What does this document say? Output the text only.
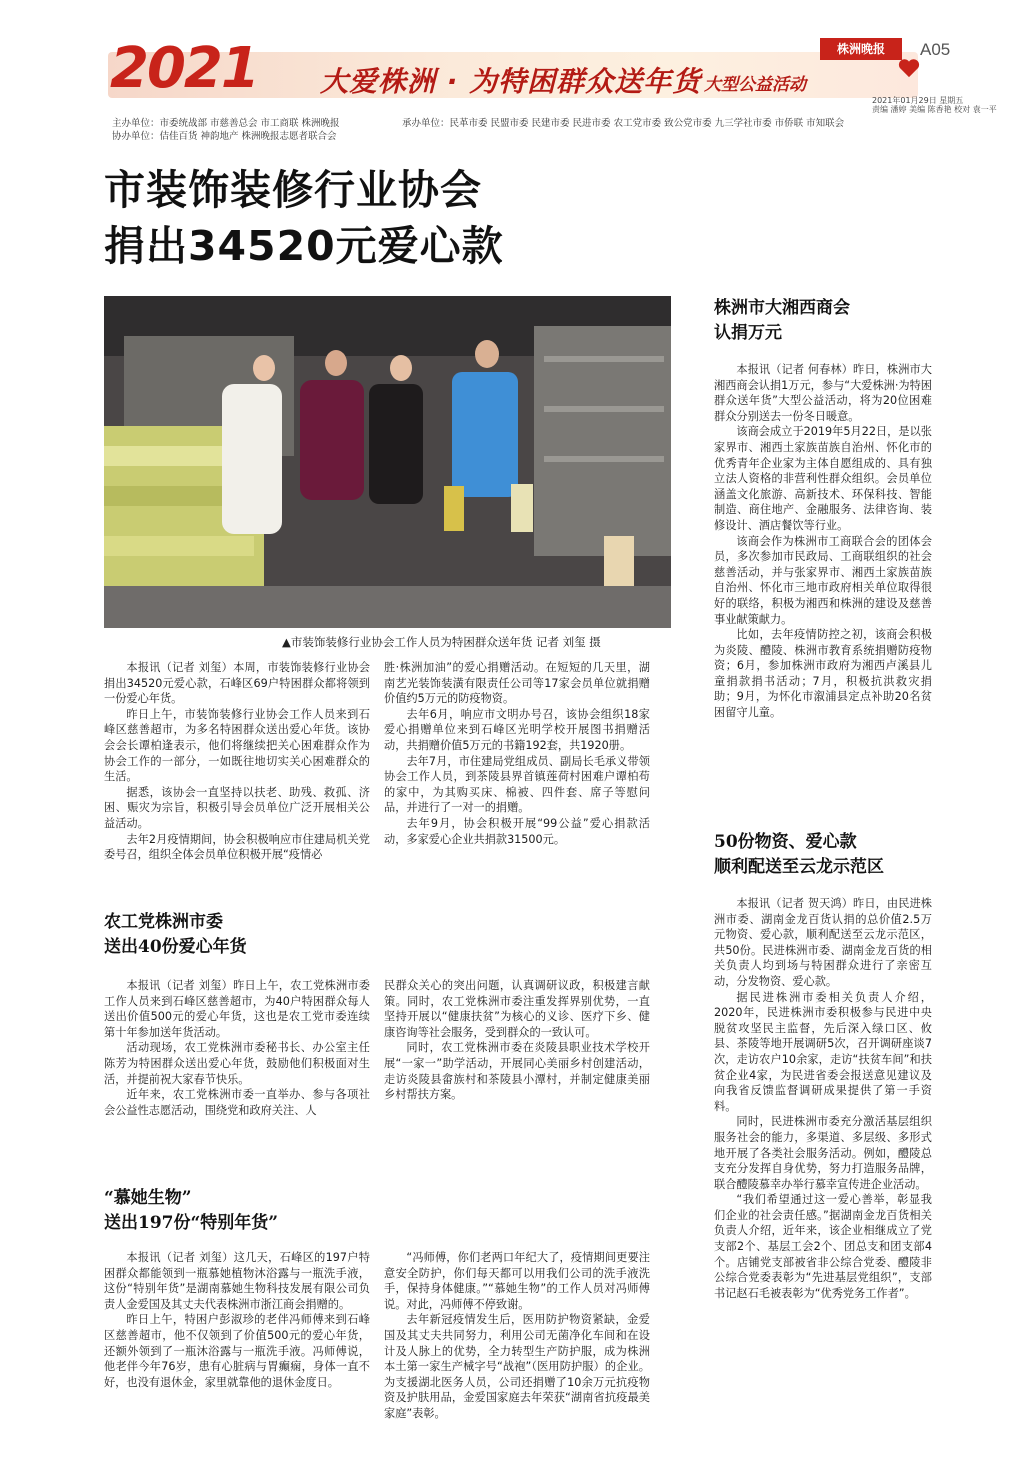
2021 大爱株洲 · 为特困群众送年货 大型公益活动
株洲晚报	A05
2021年01月29日 星期五
责编 潘婷 美编 陈香艳 校对 袁一平
主办单位：市委统战部 市慈善总会 市工商联 株洲晚报	承办单位：民革市委 民盟市委 民建市委 民进市委 农工党市委 致公党市委 九三学社市委 市侨联 市知联会
协办单位：佶佳百货 神韵地产 株洲晚报志愿者联合会
市装饰装修行业协会
捐出34520元爱心款
▲市装饰装修行业协会工作人员为特困群众送年货 记者 刘玺 摄

本报讯（记者 刘玺）本周，市装饰装修行业协会捐出34520元爱心款，石峰区69户特困群众都将领到一份爱心年货。

昨日上午，市装饰装修行业协会工作人员来到石峰区慈善超市，为多名特困群众送出爱心年货。该协会会长谭柏逢表示，他们将继续把关心困难群众作为协会工作的一部分，一如既往地切实关心困难群众的生活。

据悉，该协会一直坚持以扶老、助残、救孤、济困、赈灾为宗旨，积极引导会员单位广泛开展相关公益活动。

去年2月疫情期间，协会积极响应市住建局机关党委号召，组织全体会员单位积极开展“疫情必

胜·株洲加油”的爱心捐赠活动。在短短的几天里，湖南艺光装饰装潢有限责任公司等17家会员单位就捐赠价值约5万元的防疫物资。

去年6月，响应市文明办号召，该协会组织18家爱心捐赠单位来到石峰区光明学校开展图书捐赠活动，共捐赠价值5万元的书籍192套，共1920册。

去年7月，市住建局党组成员、副局长毛承义带领协会工作人员，到茶陵县界首镇莲荷村困难户谭柏苟的家中，为其购买床、棉被、四件套、席子等慰问品，并进行了一对一的捐赠。

去年9月，协会积极开展“99公益”爱心捐款活动，多家爱心企业共捐款31500元。

农工党株洲市委
送出40份爱心年货

本报讯（记者 刘玺）昨日上午，农工党株洲市委工作人员来到石峰区慈善超市，为40户特困群众每人送出价值500元的爱心年货，这也是农工党市委连续第十年参加送年货活动。

活动现场，农工党株洲市委秘书长、办公室主任陈芳为特困群众送出爱心年货，鼓励他们积极面对生活，并提前祝大家春节快乐。

近年来，农工党株洲市委一直举办、参与各项社会公益性志愿活动，围绕党和政府关注、人

民群众关心的突出问题，认真调研议政，积极建言献策。同时，农工党株洲市委注重发挥界别优势，一直坚持开展以“健康扶贫”为核心的义诊、医疗下乡、健康咨询等社会服务，受到群众的一致认可。

同时，农工党株洲市委在炎陵县职业技术学校开展“一家一”助学活动，开展同心美丽乡村创建活动，走访炎陵县畲族村和茶陵县小潭村，并制定健康美丽乡村帮扶方案。

“慕她生物”
送出197份“特别年货”

本报讯（记者 刘玺）这几天，石峰区的197户特困群众都能领到一瓶慕她植物沐浴露与一瓶洗手液，这份“特别年货”是湖南慕她生物科技发展有限公司负责人金爱国及其丈夫代表株洲市浙江商会捐赠的。

昨日上午，特困户彭淑珍的老伴冯师傅来到石峰区慈善超市，他不仅领到了价值500元的爱心年货，还额外领到了一瓶沐浴露与一瓶洗手液。冯师傅说，他老伴今年76岁，患有心脏病与胃癫痫，身体一直不好，也没有退休金，家里就靠他的退休金度日。

“冯师傅，你们老两口年纪大了，疫情期间更要注意安全防护，你们每天都可以用我们公司的洗手液洗手，保持身体健康。”“慕她生物”的工作人员对冯师傅说。对此，冯师傅不停致谢。

去年新冠疫情发生后，医用防护物资紧缺，金爱国及其丈夫共同努力，利用公司无菌净化车间和在设计及人脉上的优势，全力转型生产防护服，成为株洲本土第一家生产械字号“战袍”（医用防护服）的企业。为支援湖北医务人员，公司还捐赠了10余万元抗疫物资及护肤用品，金爱国家庭去年荣获“湖南省抗疫最美家庭”表彰。

株洲市大湘西商会
认捐万元

本报讯（记者 何春林）昨日，株洲市大湘西商会认捐1万元，参与“大爱株洲·为特困群众送年货”大型公益活动，将为20位困难群众分别送去一份冬日暖意。

该商会成立于2019年5月22日，是以张家界市、湘西土家族苗族自治州、怀化市的优秀青年企业家为主体自愿组成的、具有独立法人资格的非营利性群众组织。会员单位涵盖文化旅游、高新技术、环保科技、智能制造、商住地产、金融服务、法律咨询、装修设计、酒店餐饮等行业。

该商会作为株洲市工商联合会的团体会员，多次参加市民政局、工商联组织的社会慈善活动，并与张家界市、湘西土家族苗族自治州、怀化市三地市政府相关单位取得很好的联络，积极为湘西和株洲的建设及慈善事业献策献力。

比如，去年疫情防控之初，该商会积极为炎陵、醴陵、株洲市教育系统捐赠防疫物资；6月，参加株洲市政府为湘西卢溪县儿童捐款捐书活动；7月，积极抗洪救灾捐助；9月，为怀化市溆浦县定点补助20名贫困留守儿童。

50份物资、爱心款
顺利配送至云龙示范区

本报讯（记者 贺天鸿）昨日，由民进株洲市委、湖南金龙百货认捐的总价值2.5万元物资、爱心款，顺利配送至云龙示范区，共50份。民进株洲市委、湖南金龙百货的相关负责人均到场与特困群众进行了亲密互动，分发物资、爱心款。

据民进株洲市委相关负责人介绍，2020年，民进株洲市委积极参与民进中央脱贫攻坚民主监督，先后深入绿口区、攸县、茶陵等地开展调研5次，召开调研座谈7次，走访农户10余家，走访“扶贫车间”和扶贫企业4家，为民进省委会报送意见建议及向我省反馈监督调研成果提供了第一手资料。

同时，民进株洲市委充分激活基层组织服务社会的能力，多渠道、多层级、多形式地开展了各类社会服务活动。例如，醴陵总支充分发挥自身优势，努力打造服务品牌，联合醴陵慕幸办举行慕幸宣传进企业活动。

“我们希望通过这一爱心善举，彰显我们企业的社会责任感。”据湖南金龙百货相关负责人介绍，近年来，该企业相继成立了党支部2个、基层工会2个、团总支和团支部4个。店铺党支部被省非公综合党委、醴陵非公综合党委表彰为“先进基层党组织”，支部书记赵石毛被表彰为“优秀党务工作者”。
